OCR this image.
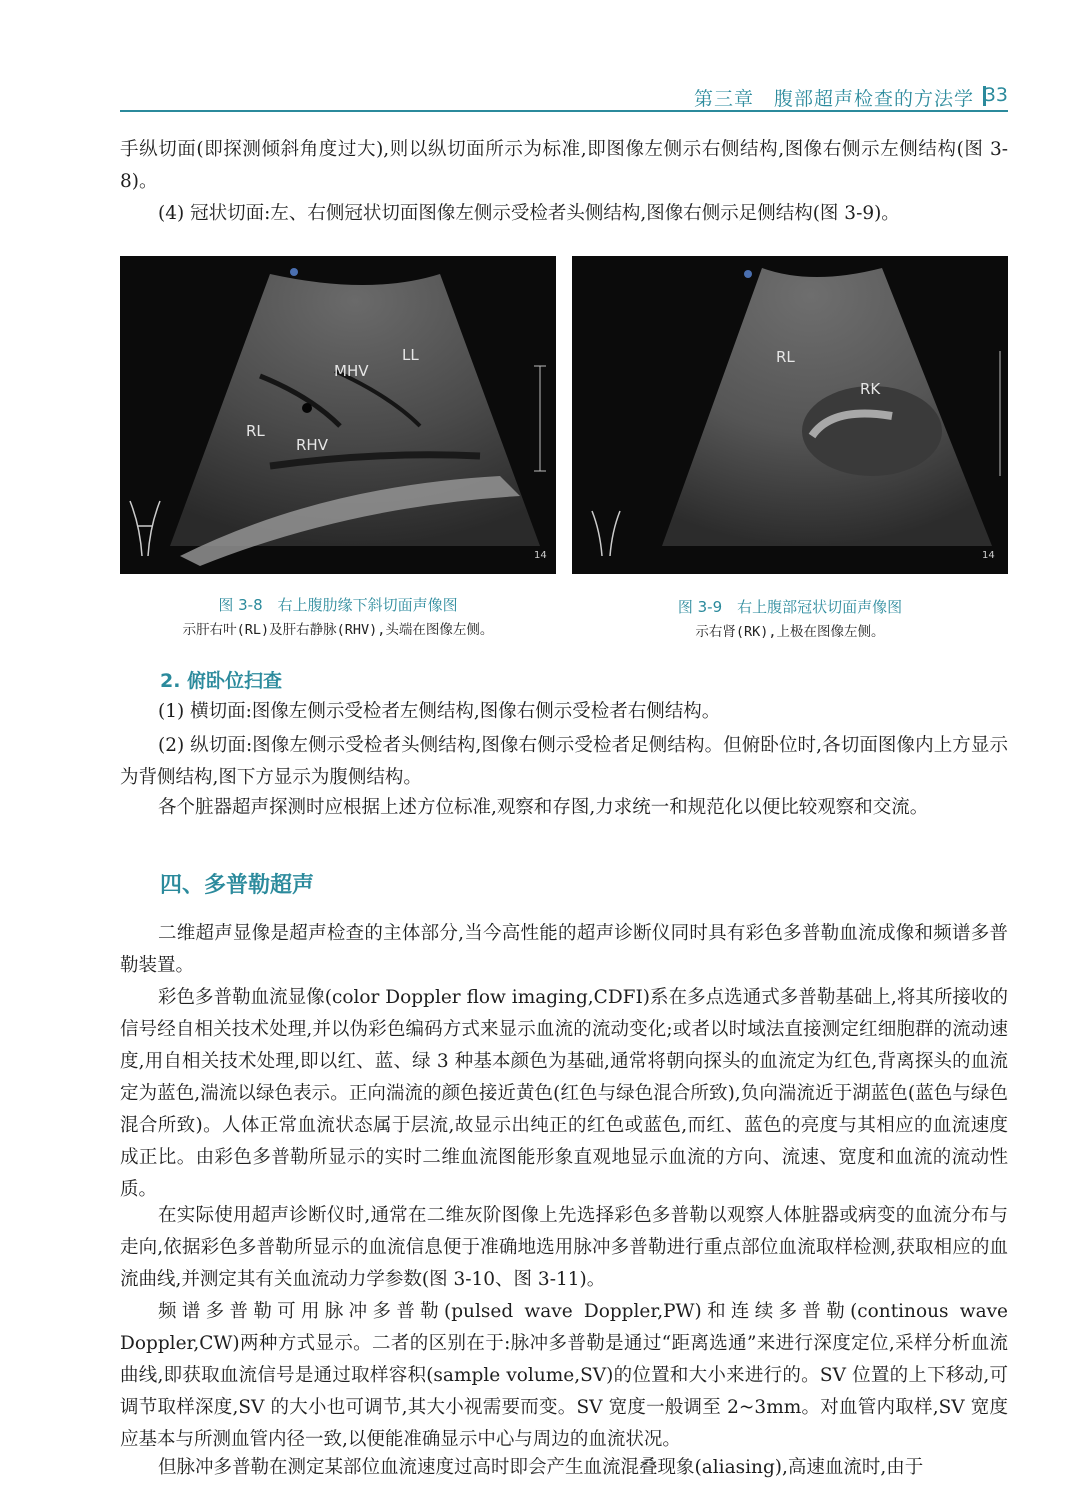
第三章　腹部超声检查的方法学 33

手纵切面(即探测倾斜角度过大),则以纵切面所示为标准,即图像左侧示右侧结构,图像右侧示左侧结构(图 3-8)。

(4) 冠状切面:左、右侧冠状切面图像左侧示受检者头侧结构,图像右侧示足侧结构(图 3-9)。

LL
MHV
RL
RHV
14
图 3-8　右上腹肋缘下斜切面声像图
示肝右叶(RL)及肝右静脉(RHV),头端在图像左侧。
RL
RK
14
图 3-9　右上腹部冠状切面声像图
示右肾(RK),上极在图像左侧。
2. 俯卧位扫查

(1) 横切面:图像左侧示受检者左侧结构,图像右侧示受检者右侧结构。

(2) 纵切面:图像左侧示受检者头侧结构,图像右侧示受检者足侧结构。但俯卧位时,各切面图像内上方显示为背侧结构,图下方显示为腹侧结构。

各个脏器超声探测时应根据上述方位标准,观察和存图,力求统一和规范化以便比较观察和交流。

四、多普勒超声

二维超声显像是超声检查的主体部分,当今高性能的超声诊断仪同时具有彩色多普勒血流成像和频谱多普勒装置。

彩色多普勒血流显像(color Doppler flow imaging,CDFI)系在多点选通式多普勒基础上,将其所接收的信号经自相关技术处理,并以伪彩色编码方式来显示血流的流动变化;或者以时域法直接测定红细胞群的流动速度,用自相关技术处理,即以红、蓝、绿 3 种基本颜色为基础,通常将朝向探头的血流定为红色,背离探头的血流定为蓝色,湍流以绿色表示。正向湍流的颜色接近黄色(红色与绿色混合所致),负向湍流近于湖蓝色(蓝色与绿色混合所致)。人体正常血流状态属于层流,故显示出纯正的红色或蓝色,而红、蓝色的亮度与其相应的血流速度成正比。由彩色多普勒所显示的实时二维血流图能形象直观地显示血流的方向、流速、宽度和血流的流动性质。

在实际使用超声诊断仪时,通常在二维灰阶图像上先选择彩色多普勒以观察人体脏器或病变的血流分布与走向,依据彩色多普勒所显示的血流信息便于准确地选用脉冲多普勒进行重点部位血流取样检测,获取相应的血流曲线,并测定其有关血流动力学参数(图 3-10、图 3-11)。

频谱多普勒可用脉冲多普勒(pulsed wave Doppler,PW)和连续多普勒(continous wave Doppler,CW)两种方式显示。二者的区别在于:脉冲多普勒是通过“距离选通”来进行深度定位,采样分析血流曲线,即获取血流信号是通过取样容积(sample volume,SV)的位置和大小来进行的。SV 位置的上下移动,可调节取样深度,SV 的大小也可调节,其大小视需要而变。SV 宽度一般调至 2~3mm。对血管内取样,SV 宽度应基本与所测血管内径一致,以便能准确显示中心与周边的血流状况。

但脉冲多普勒在测定某部位血流速度过高时即会产生血流混叠现象(aliasing),高速血流时,由于
